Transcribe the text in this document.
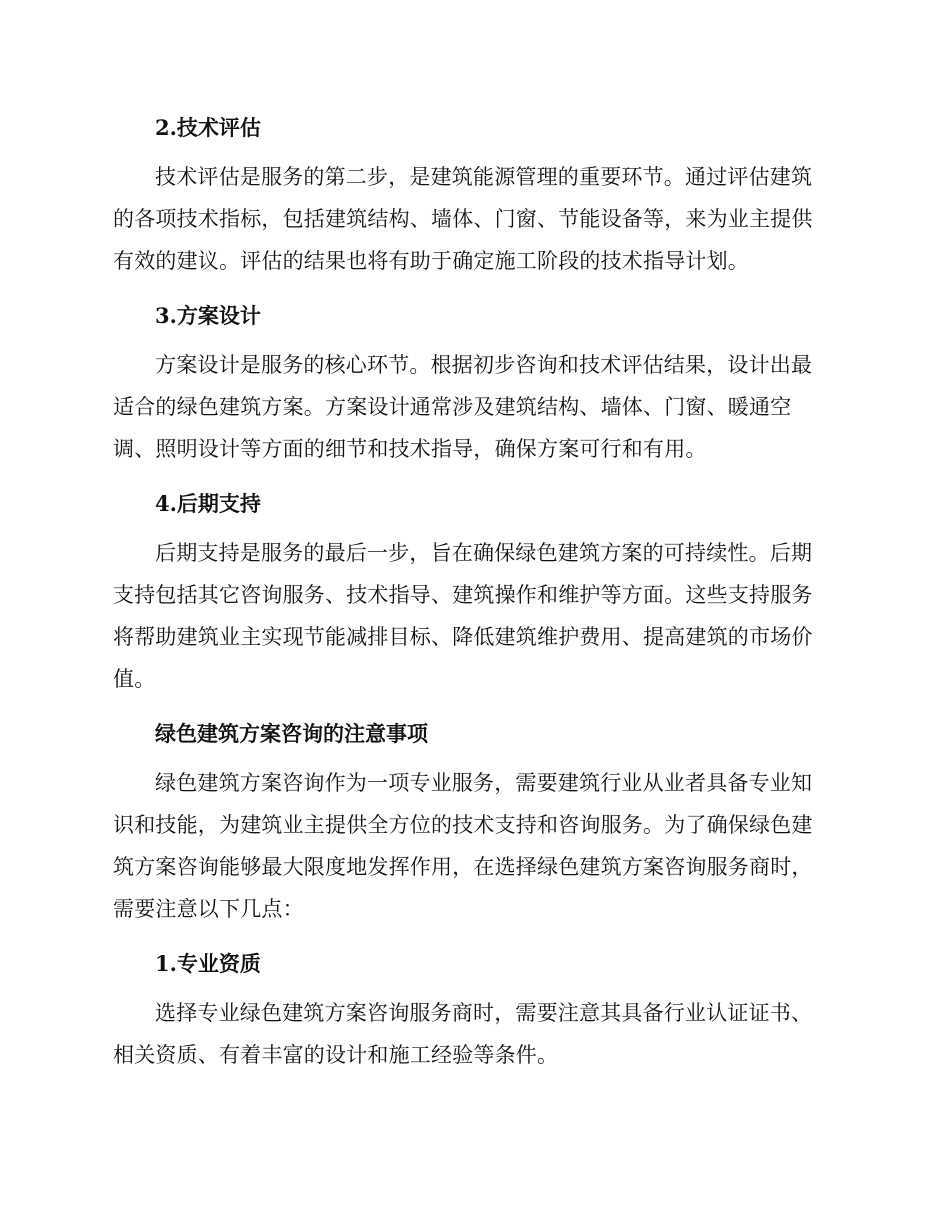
2.技术评估
技术评估是服务的第二步，是建筑能源管理的重要环节。通过评估建筑
的各项技术指标，包括建筑结构、墙体、门窗、节能设备等，来为业主提供
有效的建议。评估的结果也将有助于确定施工阶段的技术指导计划。
3.方案设计
方案设计是服务的核心环节。根据初步咨询和技术评估结果，设计出最
适合的绿色建筑方案。方案设计通常涉及建筑结构、墙体、门窗、暖通空
调、照明设计等方面的细节和技术指导，确保方案可行和有用。
4.后期支持
后期支持是服务的最后一步，旨在确保绿色建筑方案的可持续性。后期
支持包括其它咨询服务、技术指导、建筑操作和维护等方面。这些支持服务
将帮助建筑业主实现节能减排目标、降低建筑维护费用、提高建筑的市场价
值。
绿色建筑方案咨询的注意事项
绿色建筑方案咨询作为一项专业服务，需要建筑行业从业者具备专业知
识和技能，为建筑业主提供全方位的技术支持和咨询服务。为了确保绿色建
筑方案咨询能够最大限度地发挥作用，在选择绿色建筑方案咨询服务商时，
需要注意以下几点：
1.专业资质
选择专业绿色建筑方案咨询服务商时，需要注意其具备行业认证证书、
相关资质、有着丰富的设计和施工经验等条件。
